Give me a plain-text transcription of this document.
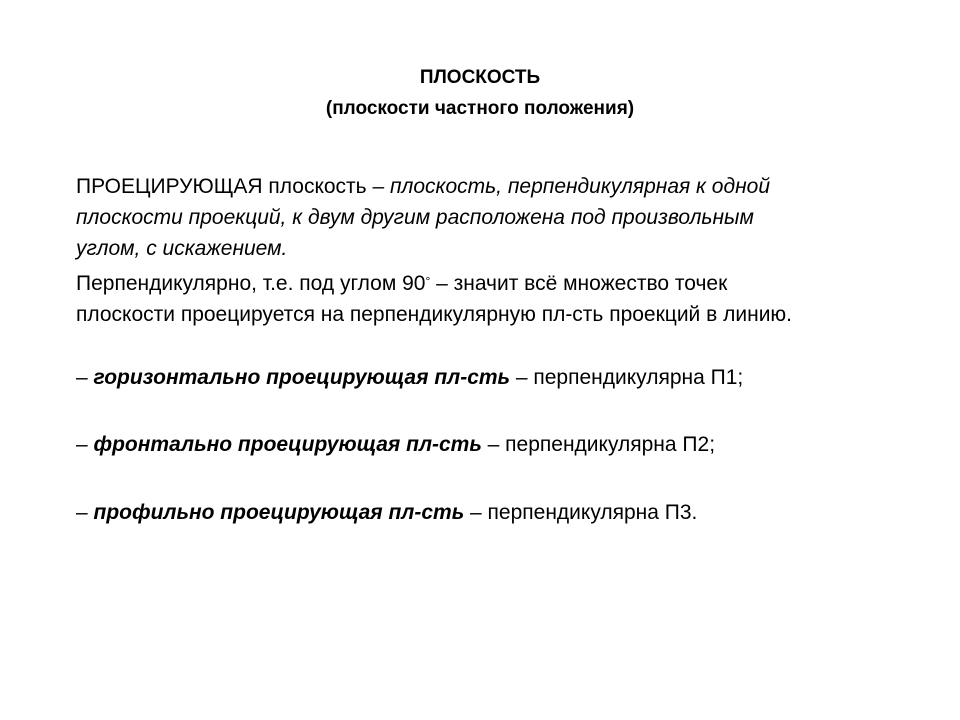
ПЛОСКОСТЬ
(плоскости частного положения)

ПРОЕЦИРУЮЩАЯ плоскость – плоскость, перпендикулярная к одной
плоскости проекций, к двум другим расположена под произвольным
углом, с искажением.

Перпендикулярно, т.е. под углом 90° – значит всё множество точек
плоскости проецируется на перпендикулярную пл-сть проекций в линию.

– горизонтально проецирующая пл-сть – перпендикулярна П1;
– фронтально проецирующая пл-сть – перпендикулярна П2;
– профильно проецирующая пл-сть – перпендикулярна П3.
